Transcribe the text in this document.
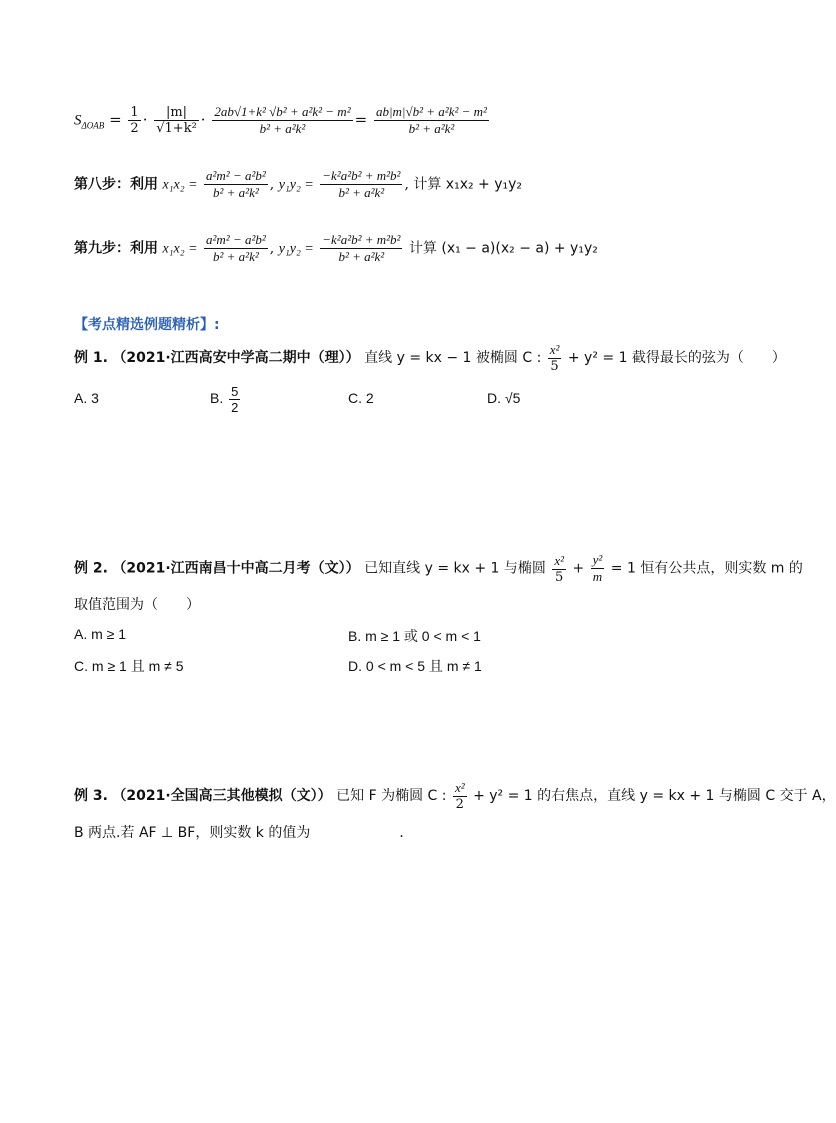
$S_{\Delta OAB} = \frac{1}{2} \cdot \frac{|m|}{\text{√1+k²}} \cdot \frac{\text{2ab√1+k² √b² + a²k² − m²}}{\text{b² + a²k²}} = \frac{\text{ab|m|√b² + a²k² − m²}}{\text{b² + a²k²}}$
第八步：利用 $x_1x_2 = \frac{\text{a²m² − a²b²}}{\text{b² + a²k²}}$ , $y_1y_2 = \frac{\text{−k²a²b² + m²b²}}{\text{b² + a²k²}}$ , 计算 x₁x₂ + y₁y₂
第九步：利用 $x_1x_2 = \frac{\text{a²m² − a²b²}}{\text{b² + a²k²}}$ , $y_1y_2 = \frac{\text{−k²a²b² + m²b²}}{\text{b² + a²k²}}$ 计算 (x₁ − a)(x₂ − a) + y₁y₂
【考点精选例题精析】:
例 1. （2021·江西高安中学高二期中（理）） 直线 y = kx − 1 被椭圆 C : $\frac{\text{x²}}{5} + y^2 = 1$ 截得最长的弦为（　　）
A. 3	B. $\frac{5}{2}$	C. 2	D. √5
例 2. （2021·江西南昌十中高二月考（文）） 已知直线 y = kx + 1 与椭圆 $\frac{\text{x²}}{5} + \frac{\text{y²}}{m} = 1$ 恒有公共点，则实数 m 的
取值范围为（　　）
A. m ≥ 1	B. m ≥ 1 或 0 < m < 1
C. m ≥ 1 且 m ≠ 5	D. 0 < m < 5 且 m ≠ 1
例 3. （2021·全国高三其他模拟（文）） 已知 F 为椭圆 C : $\frac{\text{x²}}{2} + y^2 = 1$ 的右焦点，直线 y = kx + 1 与椭圆 C 交于 A，
B 两点.若 AF ⊥ BF，则实数 k 的值为	.
